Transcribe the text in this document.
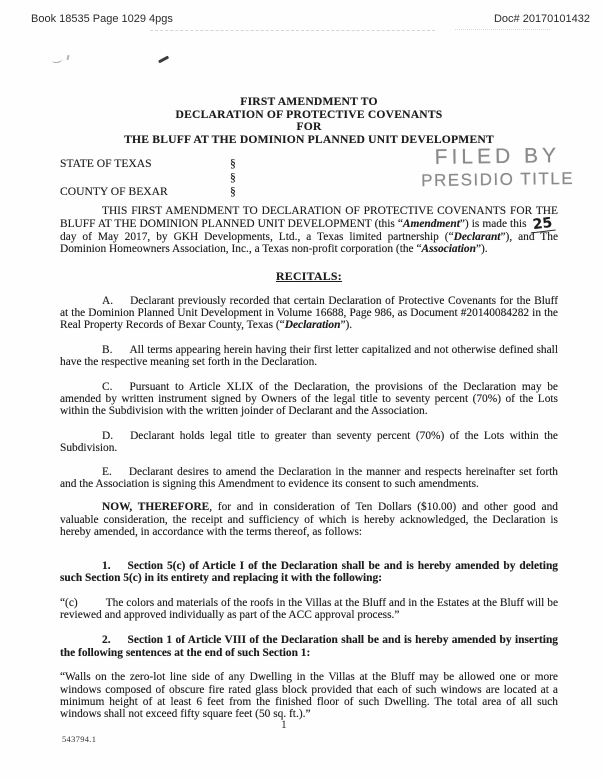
Book 18535 Page 1029 4pgs	Doc# 20170101432
FILED BY
PRESIDIO TITLE
FIRST AMENDMENT TO
DECLARATION OF PROTECTIVE COVENANTS
FOR
THE BLUFF AT THE DOMINION PLANNED UNIT DEVELOPMENT
STATE OF TEXAS	§
§
COUNTY OF BEXAR	§

THIS FIRST AMENDMENT TO DECLARATION OF PROTECTIVE COVENANTS FOR THE BLUFF AT THE DOMINION PLANNED UNIT DEVELOPMENT (this “Amendment”) is made this 25 day of May 2017, by GKH Developments, Ltd., a Texas limited partnership (“Declarant”), and The Dominion Homeowners Association, Inc., a Texas non-profit corporation (the “Association”).

RECITALS:

A. Declarant previously recorded that certain Declaration of Protective Covenants for the Bluff at the Dominion Planned Unit Development in Volume 16688, Page 986, as Document #20140084282 in the Real Property Records of Bexar County, Texas (“Declaration”).

B. All terms appearing herein having their first letter capitalized and not otherwise defined shall have the respective meaning set forth in the Declaration.

C. Pursuant to Article XLIX of the Declaration, the provisions of the Declaration may be amended by written instrument signed by Owners of the legal title to seventy percent (70%) of the Lots within the Subdivision with the written joinder of Declarant and the Association.

D. Declarant holds legal title to greater than seventy percent (70%) of the Lots within the Subdivision.

E. Declarant desires to amend the Declaration in the manner and respects hereinafter set forth and the Association is signing this Amendment to evidence its consent to such amendments.

NOW, THEREFORE, for and in consideration of Ten Dollars ($10.00) and other good and valuable consideration, the receipt and sufficiency of which is hereby acknowledged, the Declaration is hereby amended, in accordance with the terms thereof, as follows:

1. Section 5(c) of Article I of the Declaration shall be and is hereby amended by deleting such Section 5(c) in its entirety and replacing it with the following:

“(c) The colors and materials of the roofs in the Villas at the Bluff and in the Estates at the Bluff will be reviewed and approved individually as part of the ACC approval process.”

2. Section 1 of Article VIII of the Declaration shall be and is hereby amended by inserting the following sentences at the end of such Section 1:

“Walls on the zero-lot line side of any Dwelling in the Villas at the Bluff may be allowed one or more windows composed of obscure fire rated glass block provided that each of such windows are located at a minimum height of at least 6 feet from the finished floor of such Dwelling. The total area of all such windows shall not exceed fifty square feet (50 sq. ft.).”

1
543794.1
